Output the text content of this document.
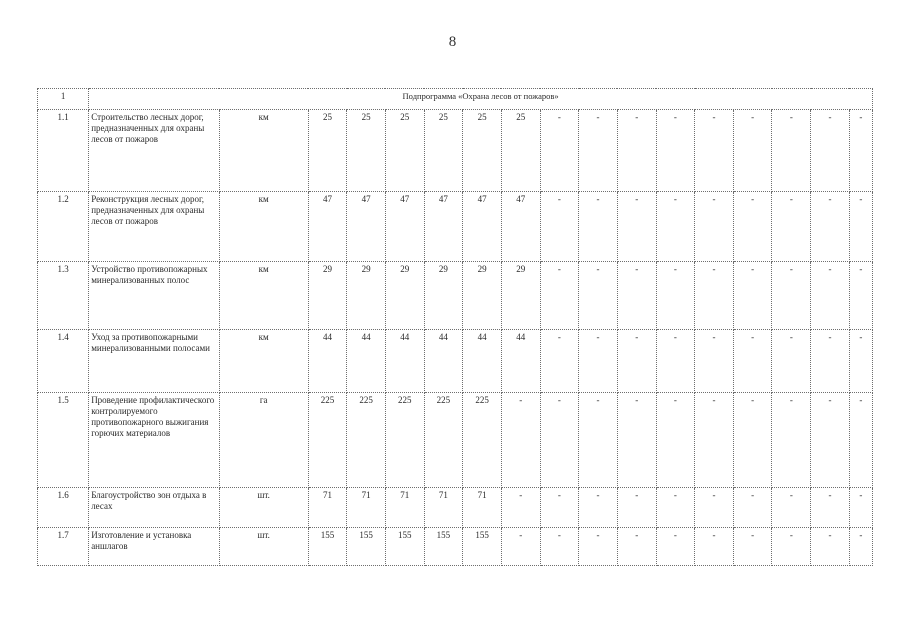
8
1	Подпрограмма «Охрана лесов от пожаров»																
1.1	Строительство лесных дорог, предназначенных для охраны лесов от пожаров	км	25	25	25	25	25	25	-	-	-	-	-	-	-	-	-
1.2	Реконструкция лесных дорог, предназначенных для охраны лесов от пожаров	км	47	47	47	47	47	47	-	-	-	-	-	-	-	-	-
1.3	Устройство противопожарных минерализованных полос	км	29	29	29	29	29	29	-	-	-	-	-	-	-	-	-
1.4	Уход за противопожарными минерализованными полосами	км	44	44	44	44	44	44	-	-	-	-	-	-	-	-	-
1.5	Проведение профилактического контролируемого противопожарного выжигания горючих материалов	га	225	225	225	225	225	-	-	-	-	-	-	-	-	-	-
1.6	Благоустройство зон отдыха в лесах	шт.	71	71	71	71	71	-	-	-	-	-	-	-	-	-	-
1.7	Изготовление и установка аншлагов	шт.	155	155	155	155	155	-	-	-	-	-	-	-	-	-	-
